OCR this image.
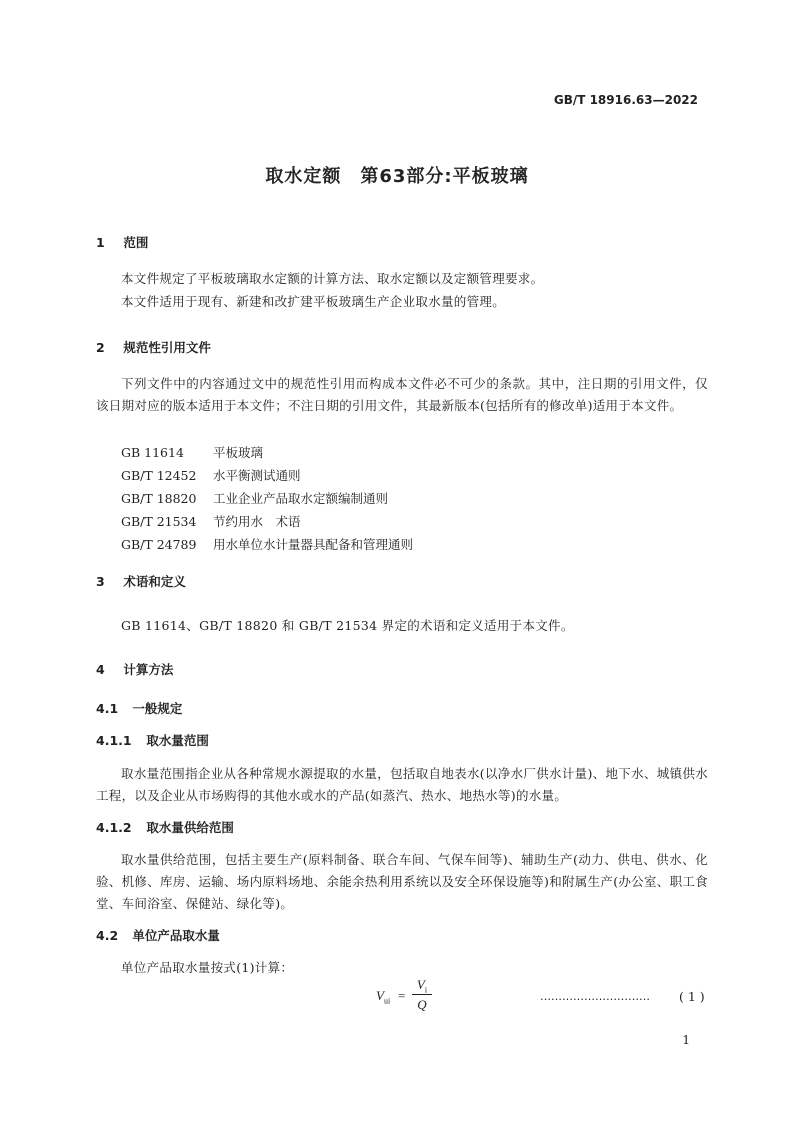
GB/T 18916.63—2022
取水定额　第63部分:平板玻璃
1 范围
本文件规定了平板玻璃取水定额的计算方法、取水定额以及定额管理要求。
本文件适用于现有、新建和改扩建平板玻璃生产企业取水量的管理。
2 规范性引用文件
下列文件中的内容通过文中的规范性引用而构成本文件必不可少的条款。其中，注日期的引用文件，仅该日期对应的版本适用于本文件；不注日期的引用文件，其最新版本(包括所有的修改单)适用于本文件。
GB 11614 平板玻璃
GB/T 12452 水平衡测试通则
GB/T 18820 工业企业产品取水定额编制通则
GB/T 21534 节约用水　术语
GB/T 24789 用水单位水计量器具配备和管理通则
3 术语和定义
GB 11614、GB/T 18820 和 GB/T 21534 界定的术语和定义适用于本文件。
4 计算方法
4.1 一般规定
4.1.1 取水量范围
取水量范围指企业从各种常规水源提取的水量，包括取自地表水(以净水厂供水计量)、地下水、城镇供水工程，以及企业从市场购得的其他水或水的产品(如蒸汽、热水、地热水等)的水量。
4.1.2 取水量供给范围
取水量供给范围，包括主要生产(原料制备、联合车间、气保车间等)、辅助生产(动力、供电、供水、化验、机修、库房、运输、场内原料场地、余能余热利用系统以及安全环保设施等)和附属生产(办公室、职工食堂、车间浴室、保健站、绿化等)。
4.2 单位产品取水量
单位产品取水量按式(1)计算：
$V_{ui}$ =
$V_i$
Q
………………………… ( 1 )
1
